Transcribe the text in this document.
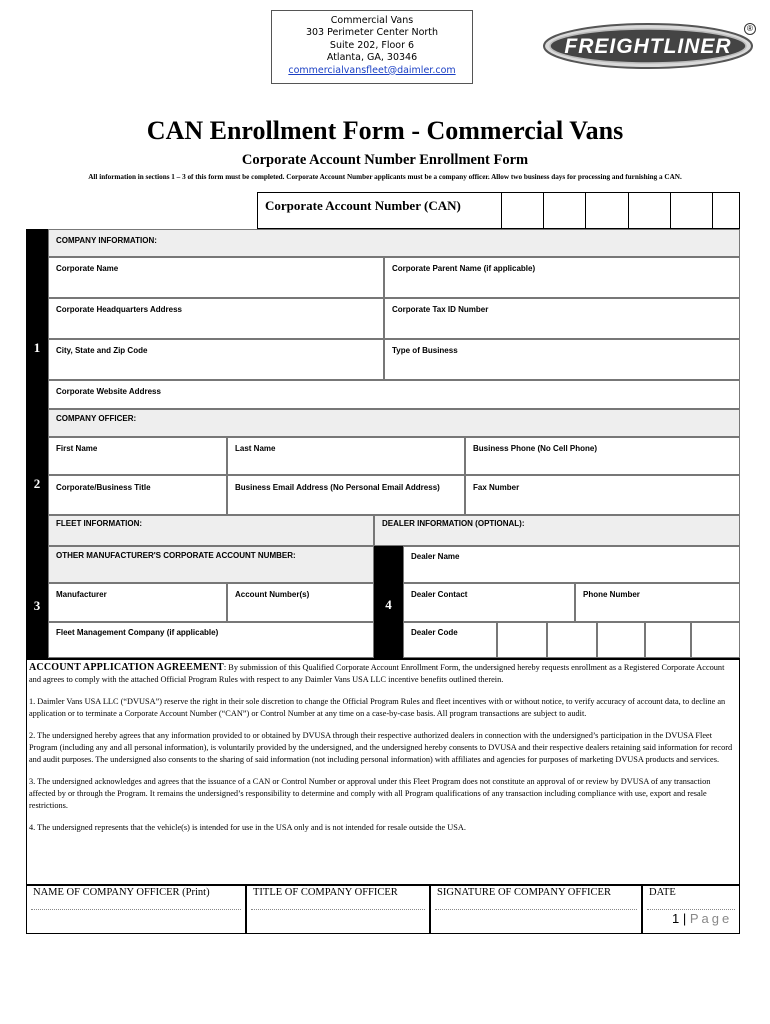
Commercial Vans
303 Perimeter Center North
Suite 202, Floor 6
Atlanta, GA, 30346
commercialvansfleet@daimler.com
FREIGHTLINER
®
CAN Enrollment Form - Commercial Vans
Corporate Account Number Enrollment Form
All information in sections 1 – 3 of this form must be completed. Corporate Account Number applicants must be a company officer. Allow two business days for processing and furnishing a CAN.
Corporate Account Number (CAN)
1
COMPANY INFORMATION:
Corporate Name	Corporate Parent Name (if applicable)
Corporate Headquarters Address	Corporate Tax ID Number
City, State and Zip Code	Type of Business
Corporate Website Address
2
COMPANY OFFICER:
First Name	Last Name	Business Phone (No Cell Phone)
Corporate/Business Title	Business Email Address (No Personal Email Address)	Fax Number
3
FLEET INFORMATION:
OTHER MANUFACTURER'S CORPORATE ACCOUNT NUMBER:
Manufacturer	Account Number(s)
Fleet Management Company (if applicable)
DEALER INFORMATION (OPTIONAL):
4
Dealer Name
Dealer Contact	Phone Number
Dealer Code

ACCOUNT APPLICATION AGREEMENT: By submission of this Qualified Corporate Account Enrollment Form, the undersigned hereby requests enrollment as a Registered Corporate Account and agrees to comply with the attached Official Program Rules with respect to any Daimler Vans USA LLC incentive benefits outlined therein.

1. Daimler Vans USA LLC (“DVUSA”) reserve the right in their sole discretion to change the Official Program Rules and fleet incentives with or without notice, to verify accuracy of account data, to decline an application or to terminate a Corporate Account Number (“CAN”) or Control Number at any time on a case-by-case basis. All program transactions are subject to audit.

2. The undersigned hereby agrees that any information provided to or obtained by DVUSA through their respective authorized dealers in connection with the undersigned’s participation in the DVUSA Fleet Program (including any and all personal information), is voluntarily provided by the undersigned, and the undersigned hereby consents to DVUSA and their respective dealers retaining said information for record and audit purposes. The undersigned also consents to the sharing of said information (not including personal information) with affiliates and agencies for purposes of marketing DVUSA products and services.

3. The undersigned acknowledges and agrees that the issuance of a CAN or Control Number or approval under this Fleet Program does not constitute an approval of or review by DVUSA of any transaction affected by or through the Program. It remains the undersigned’s responsibility to determine and comply with all Program qualifications of any transaction including compliance with use, export and resale restrictions.

4. The undersigned represents that the vehicle(s) is intended for use in the USA only and is not intended for resale outside the USA.

NAME OF COMPANY OFFICER (Print)	TITLE OF COMPANY OFFICER	SIGNATURE OF COMPANY OFFICER	DATE
1 | Page
